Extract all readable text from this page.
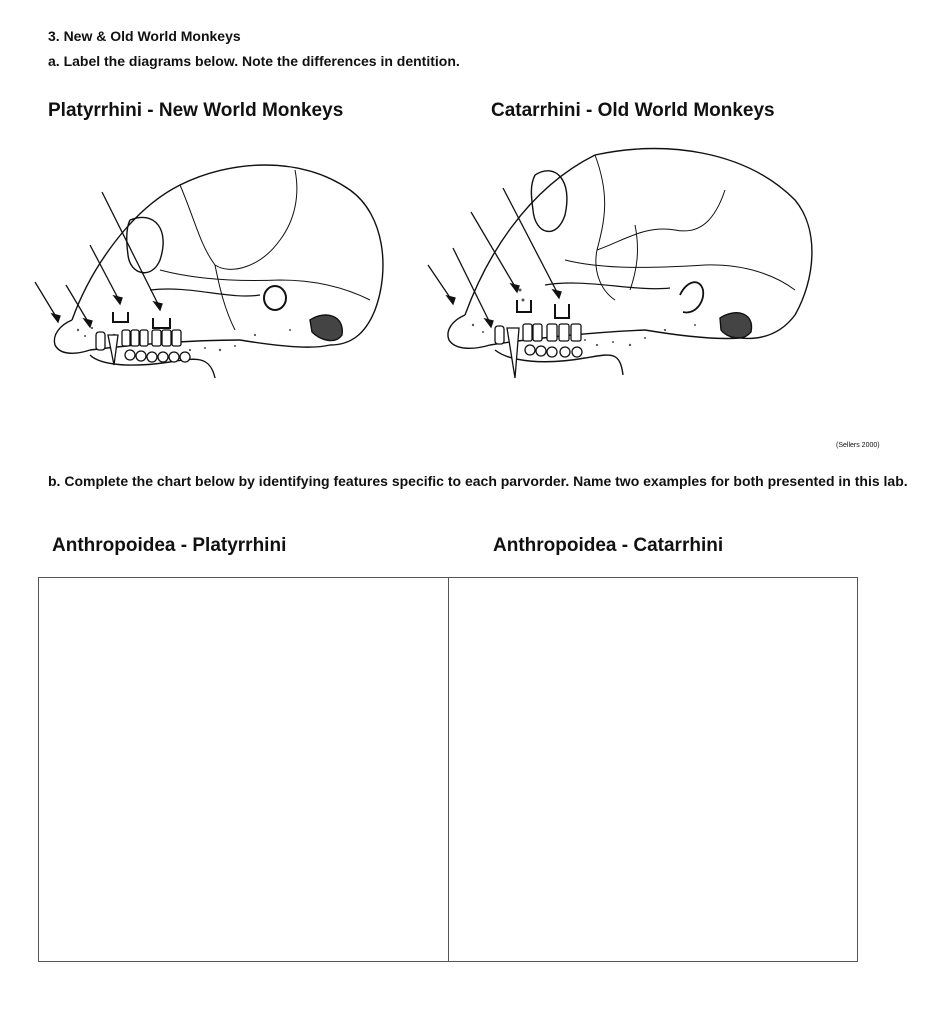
3. New & Old World Monkeys
a. Label the diagrams below. Note the differences in dentition.
Platyrrhini - New World Monkeys	Catarrhini - Old World Monkeys
(Sellers 2000)
b. Complete the chart below by identifying features specific to each parvorder. Name two examples for both presented in this lab.
Anthropoidea - Platyrrhini	Anthropoidea - Catarrhini
